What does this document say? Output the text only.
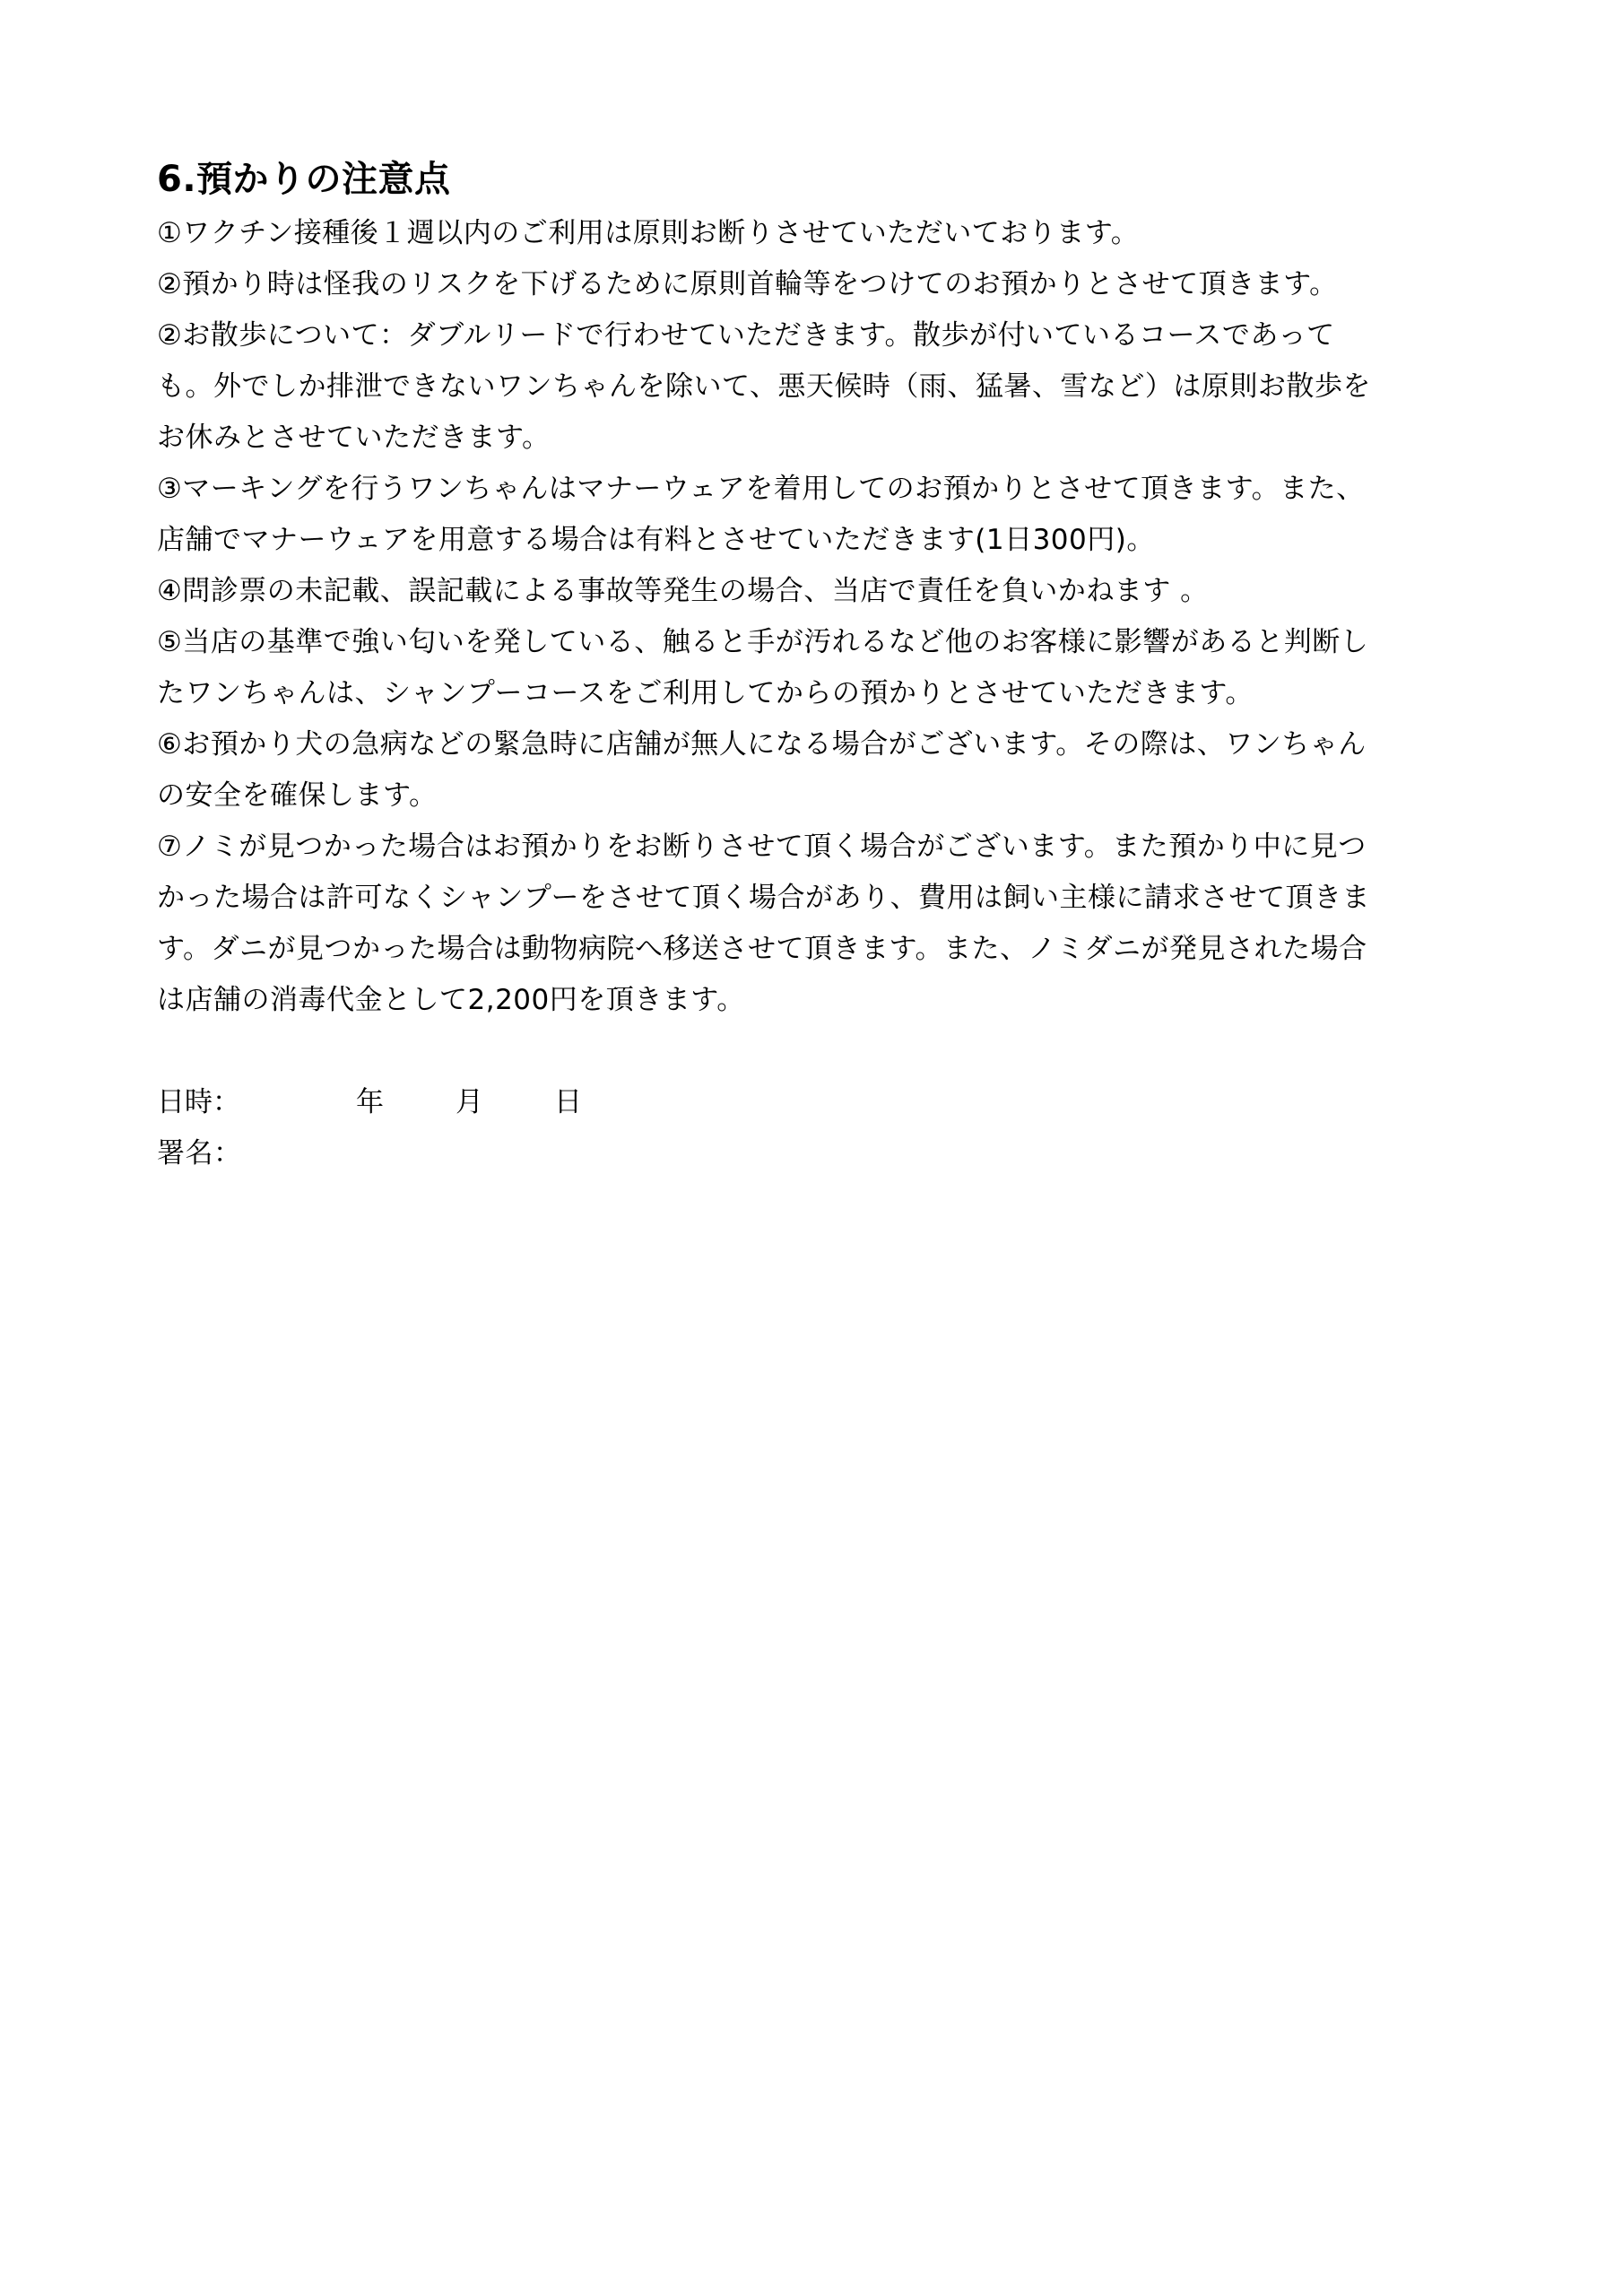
6.預かりの注意点
①ワクチン接種後１週以内のご利用は原則お断りさせていただいております。
②預かり時は怪我のリスクを下げるために原則首輪等をつけてのお預かりとさせて頂きます。
②お散歩について：ダブルリードで行わせていただきます。散歩が付いているコースであって
も。外でしか排泄できないワンちゃんを除いて、悪天候時（雨、猛暑、雪など）は原則お散歩を
お休みとさせていただきます。
③マーキングを行うワンちゃんはマナーウェアを着用してのお預かりとさせて頂きます。また、
店舗でマナーウェアを用意する場合は有料とさせていただきます(1日300円)。
④問診票の未記載、誤記載による事故等発生の場合、当店で責任を負いかねます 。
⑤当店の基準で強い匂いを発している、触ると手が汚れるなど他のお客様に影響があると判断し
たワンちゃんは、シャンプーコースをご利用してからの預かりとさせていただきます。
⑥お預かり犬の急病などの緊急時に店舗が無人になる場合がございます。その際は、ワンちゃん
の安全を確保します。
⑦ノミが見つかった場合はお預かりをお断りさせて頂く場合がございます。また預かり中に見つ
かった場合は許可なくシャンプーをさせて頂く場合があり、費用は飼い主様に請求させて頂きま
す。ダニが見つかった場合は動物病院へ移送させて頂きます。また、ノミダニが発見された場合
は店舗の消毒代金として2,200円を頂きます。
日時：	年	月	日
署名：
